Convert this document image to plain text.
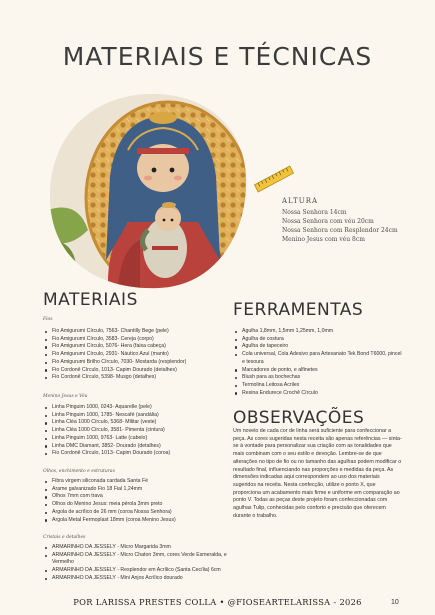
MATERIAIS E TÉCNICAS
ALTURA
Nossa Senhora 14cm
Nossa Senhora com véu 20cm
Nossa Senhora com Resplendor 24cm
Menino Jesus com véu 8cm
MATERIAIS
Fios
Fio Amigurumi Círculo, 7563- Chantilly Bege (pele)
Fio Amigurumi Círculo, 3583- Cereja (corpo)
Fio Amigurumi Círculo, 5076- Hera (faixa cabeça)
Fio Amigurumi Círculo, 2931- Náutico Azul (manto)
Fio Amigurumi Brilho Círculo, 7030- Mostarda (resplendor)
Fio Cordonê Círculo, 1013- Capim Dourado (detalhes)
Fio Cordonê Círculo, 5398- Musgo (detalhes)
Menino Jesus e Véu
Linha Pinguim 1000, 0243- Aquarelle (pele)
Linha Pinguim 1000, 1785- Nescafé (sandália)
Linha Cléa 1000 Círculo, 5368- Militar (veste)
Linha Cléa 1000 Círculo, 3581- Pimenta (cintura)
Linha Pinguim 1000, 9763- Latte (cabelo)
Linha DMC Diamant, 3852- Dourado (detalhes)
Fio Cordonê Círculo, 1013- Capim Dourado (coroa)
Olhos, enchimento e estruturas
Fibra virgem siliconada cardada Santa Fé
Arame galvanizado Fio 18 Fial 1,24mm
Olhos 7mm com trava
Olhos do Menino Jesus: meia pérola 3mm preto
Argola de acrílico de 26 mm (coroa Nossa Senhora)
Argola Metal Fermoplast 18mm (coroa Menino Jesus)
Cristais e detalhes
ARMARINHO DA JESSELY - Micro Margarida 3mm
ARMARINHO DA JESSELY - Micro Chaton 3mm, cores Verde Esmeralda, e Vermelho
ARMARINHO DA JESSELY - Resplendor em Acrílico (Santa Cecília) 6cm
ARMARINHO DA JESSELY - Mini Anjos Acrílico dourado
FERRAMENTAS
Agulha 1,8mm, 1,5mm 1,25mm, 1,0mm
Agulha de costura
Agulha de tapeceiro
Cola universal, Cola Adesivo para Artesanato Tek Bond T6000, pincel e tesoura
Marcadores de ponto, e alfinetes
Blush para as bochechas
Termolina Leitosa Acrilex
Resina Endurece Crochê Círculo
OBSERVAÇÕES
Um novelo de cada cor de linha será suficiente para confeccionar a peça. As cores sugeridas nesta receita são apenas referências — sinta-se à vontade para personalizar sua criação com as tonalidades que mais combinam com o seu estilo e devoção. Lembre-se de que alterações no tipo de fio ou no tamanho das agulhas podem modificar o resultado final, influenciando nas proporções e medidas da peça. As dimensões indicadas aqui correspondem ao uso dos materiais sugeridos na receita. Nesta confecção, utilize o ponto X, que proporciona um acabamento mais firme e uniforme em comparação ao ponto V. Todas as peças deste projeto foram confeccionadas com agulhas Tulip, conhecidas pelo conforto e precisão que oferecem durante o trabalho.
10
POR LARISSA PRESTES COLLA • @FIOSEARTELARISSA - 2026
